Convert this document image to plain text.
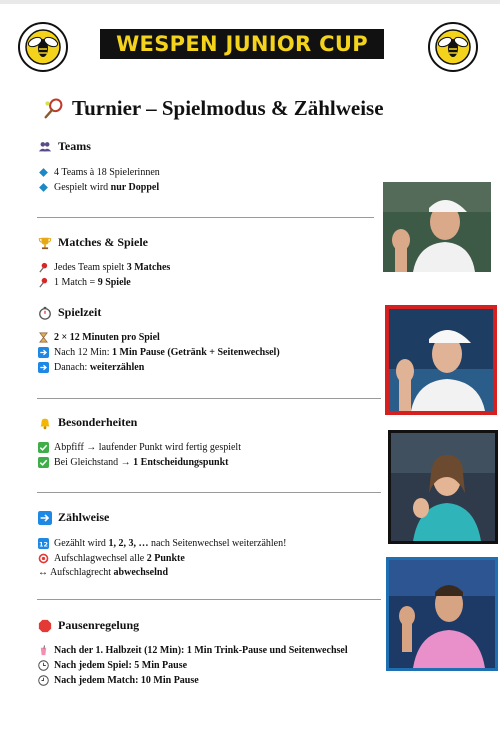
WESPEN JUNIOR CUP
Turnier – Spielmodus & Zählweise
Teams
4 Teams à 18 Spielerinnen
Gespielt wird nur Doppel
Matches & Spiele
Jedes Team spielt 3 Matches
1 Match = 9 Spiele
Spielzeit
2 × 12 Minuten pro Spiel
Nach 12 Min: 1 Min Pause (Getränk + Seitenwechsel)
Danach: weiterzählen
Besonderheiten
Abpfiff → laufender Punkt wird fertig gespielt
Bei Gleichstand → 1 Entscheidungspunkt
Zählweise
12 Gezählt wird 1, 2, 3, … nach Seitenwechsel weiterzählen!
Aufschlagwechsel alle 2 Punkte
↔ Aufschlagrecht abwechselnd
Pausenregelung
Nach der 1. Halbzeit (12 Min): 1 Min Trink-Pause und Seitenwechsel
Nach jedem Spiel: 5 Min Pause
Nach jedem Match: 10 Min Pause
